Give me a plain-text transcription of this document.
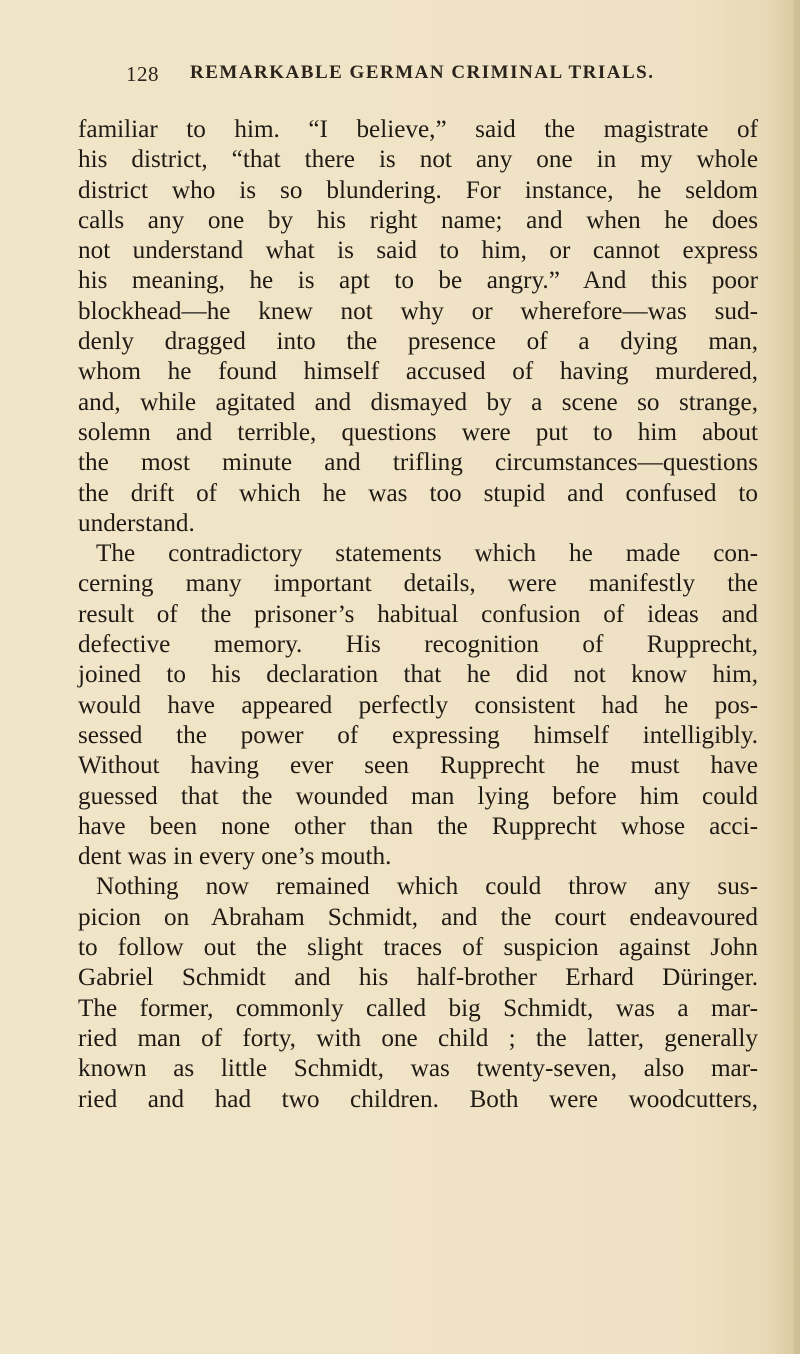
128 REMARKABLE GERMAN CRIMINAL TRIALS.
familiar to him. “I believe,” said the magistrate of
his district, “that there is not any one in my whole
district who is so blundering. For instance, he seldom
calls any one by his right name; and when he does
not understand what is said to him, or cannot express
his meaning, he is apt to be angry.” And this poor
blockhead—he knew not why or wherefore—was sud-
denly dragged into the presence of a dying man,
whom he found himself accused of having murdered,
and, while agitated and dismayed by a scene so strange,
solemn and terrible, questions were put to him about
the most minute and trifling circumstances—questions
the drift of which he was too stupid and confused to
understand.
The contradictory statements which he made con-
cerning many important details, were manifestly the
result of the prisoner’s habitual confusion of ideas and
defective memory. His recognition of Rupprecht,
joined to his declaration that he did not know him,
would have appeared perfectly consistent had he pos-
sessed the power of expressing himself intelligibly.
Without having ever seen Rupprecht he must have
guessed that the wounded man lying before him could
have been none other than the Rupprecht whose acci-
dent was in every one’s mouth.
Nothing now remained which could throw any sus-
picion on Abraham Schmidt, and the court endeavoured
to follow out the slight traces of suspicion against John
Gabriel Schmidt and his half-brother Erhard Düringer.
The former, commonly called big Schmidt, was a mar-
ried man of forty, with one child ; the latter, generally
known as little Schmidt, was twenty-seven, also mar-
ried and had two children. Both were woodcutters,
